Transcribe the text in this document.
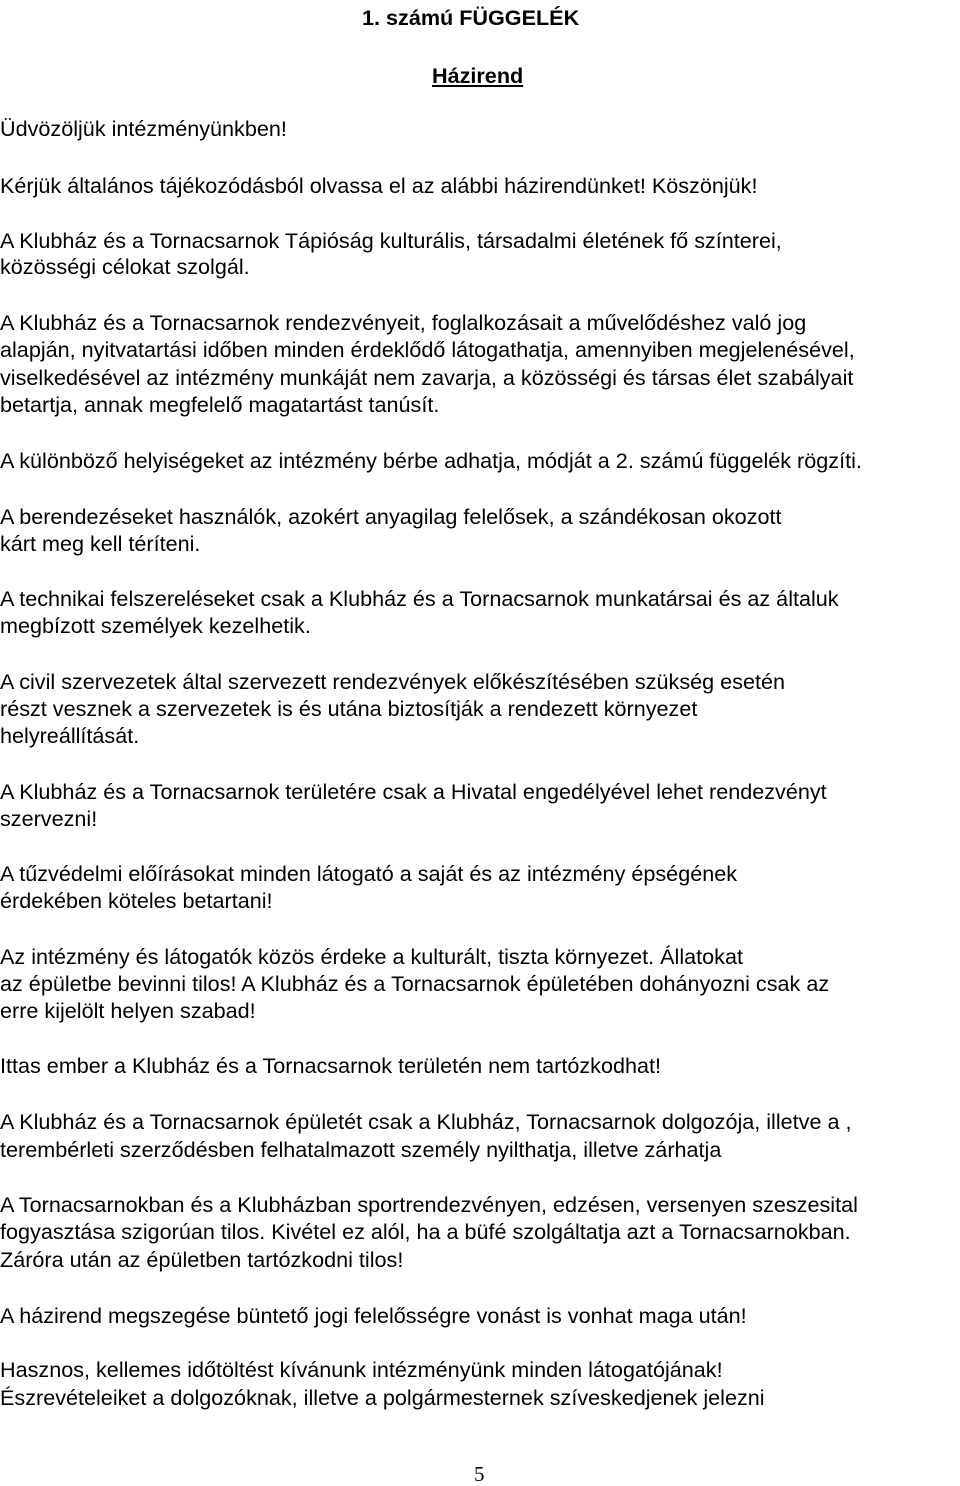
1. számú FÜGGELÉK
Házirend

Üdvözöljük intézményünkben!

Kérjük általános tájékozódásból olvassa el az alábbi házirendünket! Köszönjük!

A Klubház és a Tornacsarnok Tápióság kulturális, társadalmi életének fő színterei,

közösségi célokat szolgál.

A Klubház és a Tornacsarnok rendezvényeit, foglalkozásait a művelődéshez való jog

alapján, nyitvatartási időben minden érdeklődő látogathatja, amennyiben megjelenésével,

viselkedésével az intézmény munkáját nem zavarja, a közösségi és társas élet szabályait

betartja, annak megfelelő magatartást tanúsít.

A különböző helyiségeket az intézmény bérbe adhatja, módját a 2. számú függelék rögzíti.

A berendezéseket használók, azokért anyagilag felelősek, a szándékosan okozott

kárt meg kell téríteni.

A technikai felszereléseket csak a Klubház és a Tornacsarnok munkatársai és az általuk

megbízott személyek kezelhetik.

A civil szervezetek által szervezett rendezvények előkészítésében szükség esetén

részt vesznek a szervezetek is és utána biztosítják a rendezett környezet

helyreállítását.

A Klubház és a Tornacsarnok területére csak a Hivatal engedélyével lehet rendezvényt

szervezni!

A tűzvédelmi előírásokat minden látogató a saját és az intézmény épségének

érdekében köteles betartani!

Az intézmény és látogatók közös érdeke a kulturált, tiszta környezet. Állatokat

az épületbe bevinni tilos! A Klubház és a Tornacsarnok épületében dohányozni csak az

erre kijelölt helyen szabad!

Ittas ember a Klubház és a Tornacsarnok területén nem tartózkodhat!

A Klubház és a Tornacsarnok épületét csak a Klubház, Tornacsarnok dolgozója, illetve a ,

terembérleti szerződésben felhatalmazott személy nyilthatja, illetve zárhatja

A Tornacsarnokban és a Klubházban sportrendezvényen, edzésen, versenyen szeszesital

fogyasztása szigorúan tilos. Kivétel ez alól, ha a büfé szolgáltatja azt a Tornacsarnokban.

Záróra után az épületben tartózkodni tilos!

A házirend megszegése büntető jogi felelősségre vonást is vonhat maga után!

Hasznos, kellemes időtöltést kívánunk intézményünk minden látogatójának!

Észrevételeiket a dolgozóknak, illetve a polgármesternek szíveskedjenek jelezni

5
